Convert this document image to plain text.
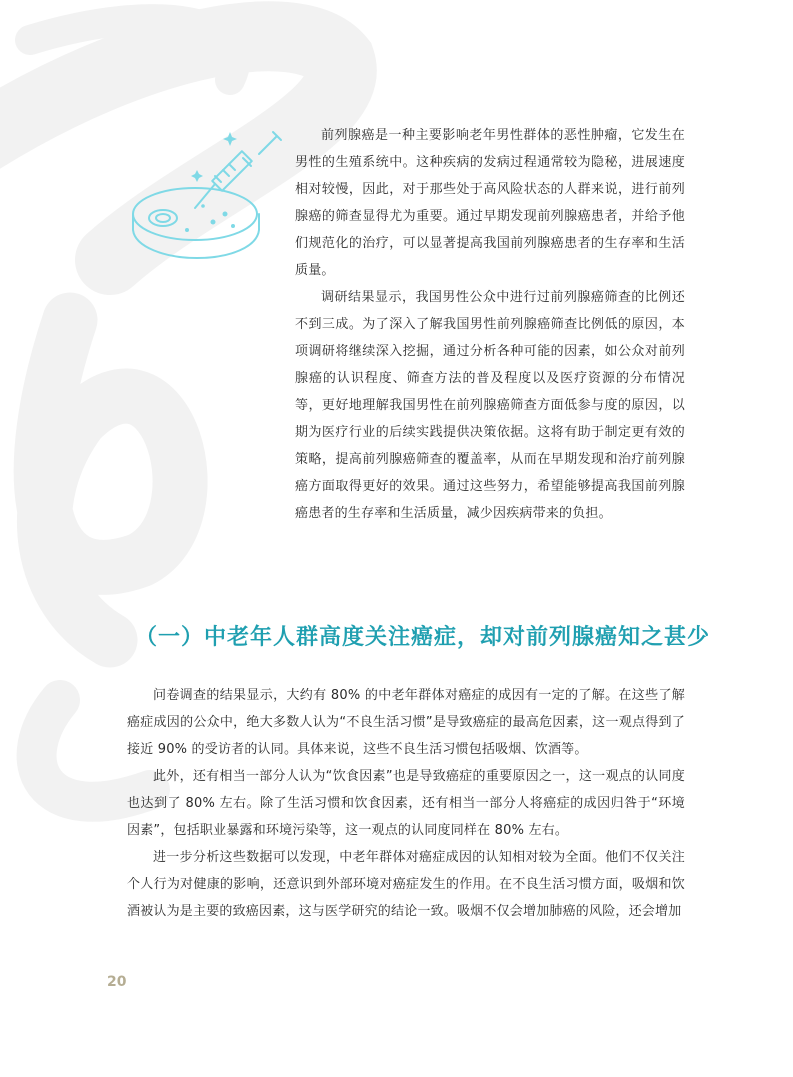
前列腺癌是一种主要影响老年男性群体的恶性肿瘤，它发生在男性的生殖系统中。这种疾病的发病过程通常较为隐秘，进展速度相对较慢，因此，对于那些处于高风险状态的人群来说，进行前列腺癌的筛查显得尤为重要。通过早期发现前列腺癌患者，并给予他们规范化的治疗，可以显著提高我国前列腺癌患者的生存率和生活质量。

调研结果显示，我国男性公众中进行过前列腺癌筛查的比例还不到三成。为了深入了解我国男性前列腺癌筛查比例低的原因，本项调研将继续深入挖掘，通过分析各种可能的因素，如公众对前列腺癌的认识程度、筛查方法的普及程度以及医疗资源的分布情况等，更好地理解我国男性在前列腺癌筛查方面低参与度的原因，以期为医疗行业的后续实践提供决策依据。这将有助于制定更有效的策略，提高前列腺癌筛查的覆盖率，从而在早期发现和治疗前列腺癌方面取得更好的效果。通过这些努力，希望能够提高我国前列腺癌患者的生存率和生活质量，减少因疾病带来的负担。

（一）中老年人群高度关注癌症，却对前列腺癌知之甚少

问卷调查的结果显示，大约有 80% 的中老年群体对癌症的成因有一定的了解。在这些了解癌症成因的公众中，绝大多数人认为“不良生活习惯”是导致癌症的最高危因素，这一观点得到了接近 90% 的受访者的认同。具体来说，这些不良生活习惯包括吸烟、饮酒等。

此外，还有相当一部分人认为“饮食因素”也是导致癌症的重要原因之一，这一观点的认同度也达到了 80% 左右。除了生活习惯和饮食因素，还有相当一部分人将癌症的成因归咎于“环境因素”，包括职业暴露和环境污染等，这一观点的认同度同样在 80% 左右。

进一步分析这些数据可以发现，中老年群体对癌症成因的认知相对较为全面。他们不仅关注个人行为对健康的影响，还意识到外部环境对癌症发生的作用。在不良生活习惯方面，吸烟和饮酒被认为是主要的致癌因素，这与医学研究的结论一致。吸烟不仅会增加肺癌的风险，还会增加

20
